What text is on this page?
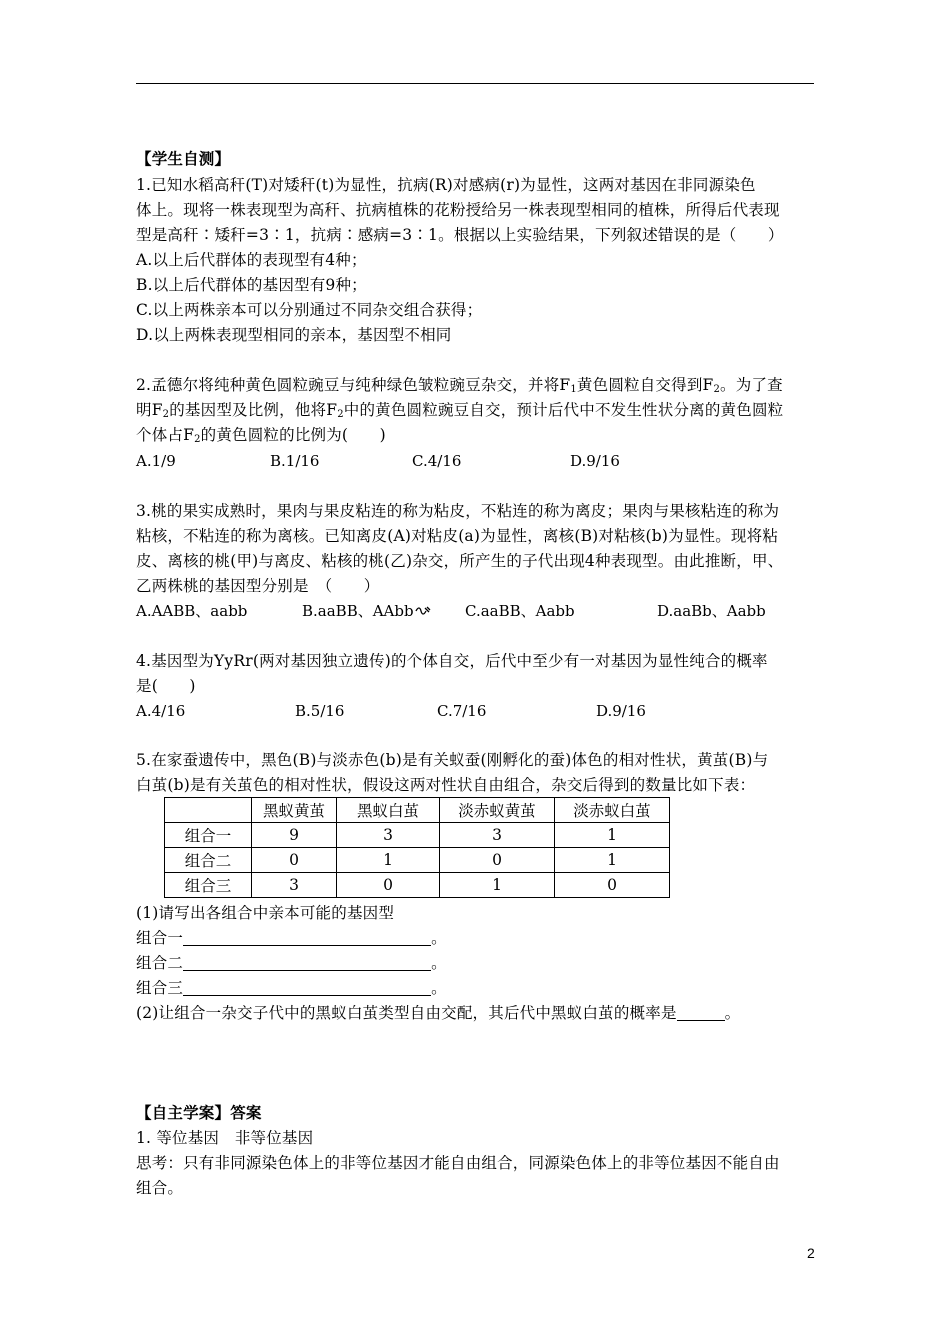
【学生自测】
1.已知水稻高秆(T)对矮秆(t)为显性，抗病(R)对感病(r)为显性，这两对基因在非同源染色
体上。现将一株表现型为高秆、抗病植株的花粉授给另一株表现型相同的植株，所得后代表现
型是高秆∶矮秆=3∶1，抗病∶感病=3∶1。根据以上实验结果，下列叙述错误的是（　　）
A.以上后代群体的表现型有4种；
B.以上后代群体的基因型有9种；
C.以上两株亲本可以分别通过不同杂交组合获得；
D.以上两株表现型相同的亲本，基因型不相同
2.孟德尔将纯种黄色圆粒豌豆与纯种绿色皱粒豌豆杂交，并将$F_1$黄色圆粒自交得到$F_2$。为了查
明$F_2$的基因型及比例，他将$F_2$中的黄色圆粒豌豆自交，预计后代中不发生性状分离的黄色圆粒
个体占$F_2$的黄色圆粒的比例为(　　)
A.1/9	B.1/16	C.4/16	D.9/16
3.桃的果实成熟时，果肉与果皮粘连的称为粘皮，不粘连的称为离皮；果肉与果核粘连的称为
粘核，不粘连的称为离核。已知离皮(A)对粘皮(a)为显性，离核(B)对粘核(b)为显性。现将粘
皮、离核的桃(甲)与离皮、粘核的桃(乙)杂交，所产生的子代出现4种表现型。由此推断，甲、
乙两株桃的基因型分别是　（　　）
A.AABB、aabb	B.aaBB、AAbb	C.aaBB、Aabb	D.aaBb、Aabb
4.基因型为YyRr(两对基因独立遗传)的个体自交，后代中至少有一对基因为显性纯合的概率
是(　　)
A.4/16	B.5/16	C.7/16	D.9/16
5.在家蚕遗传中，黑色(B)与淡赤色(b)是有关蚁蚕(刚孵化的蚕)体色的相对性状，黄茧(B)与
白茧(b)是有关茧色的相对性状，假设这两对性状自由组合，杂交后得到的数量比如下表：
	黑蚁黄茧	黑蚁白茧	淡赤蚁黄茧	淡赤蚁白茧
组合一	9	3	3	1
组合二	0	1	0	1
组合三	3	0	1	0
(1)请写出各组合中亲本可能的基因型
组合一	。
组合二	。
组合三	。
(2)让组合一杂交子代中的黑蚁白茧类型自由交配，其后代中黑蚁白茧的概率是	。
【自主学案】答案
1. 等位基因　非等位基因
思考：只有非同源染色体上的非等位基因才能自由组合，同源染色体上的非等位基因不能自由
组合。
2
